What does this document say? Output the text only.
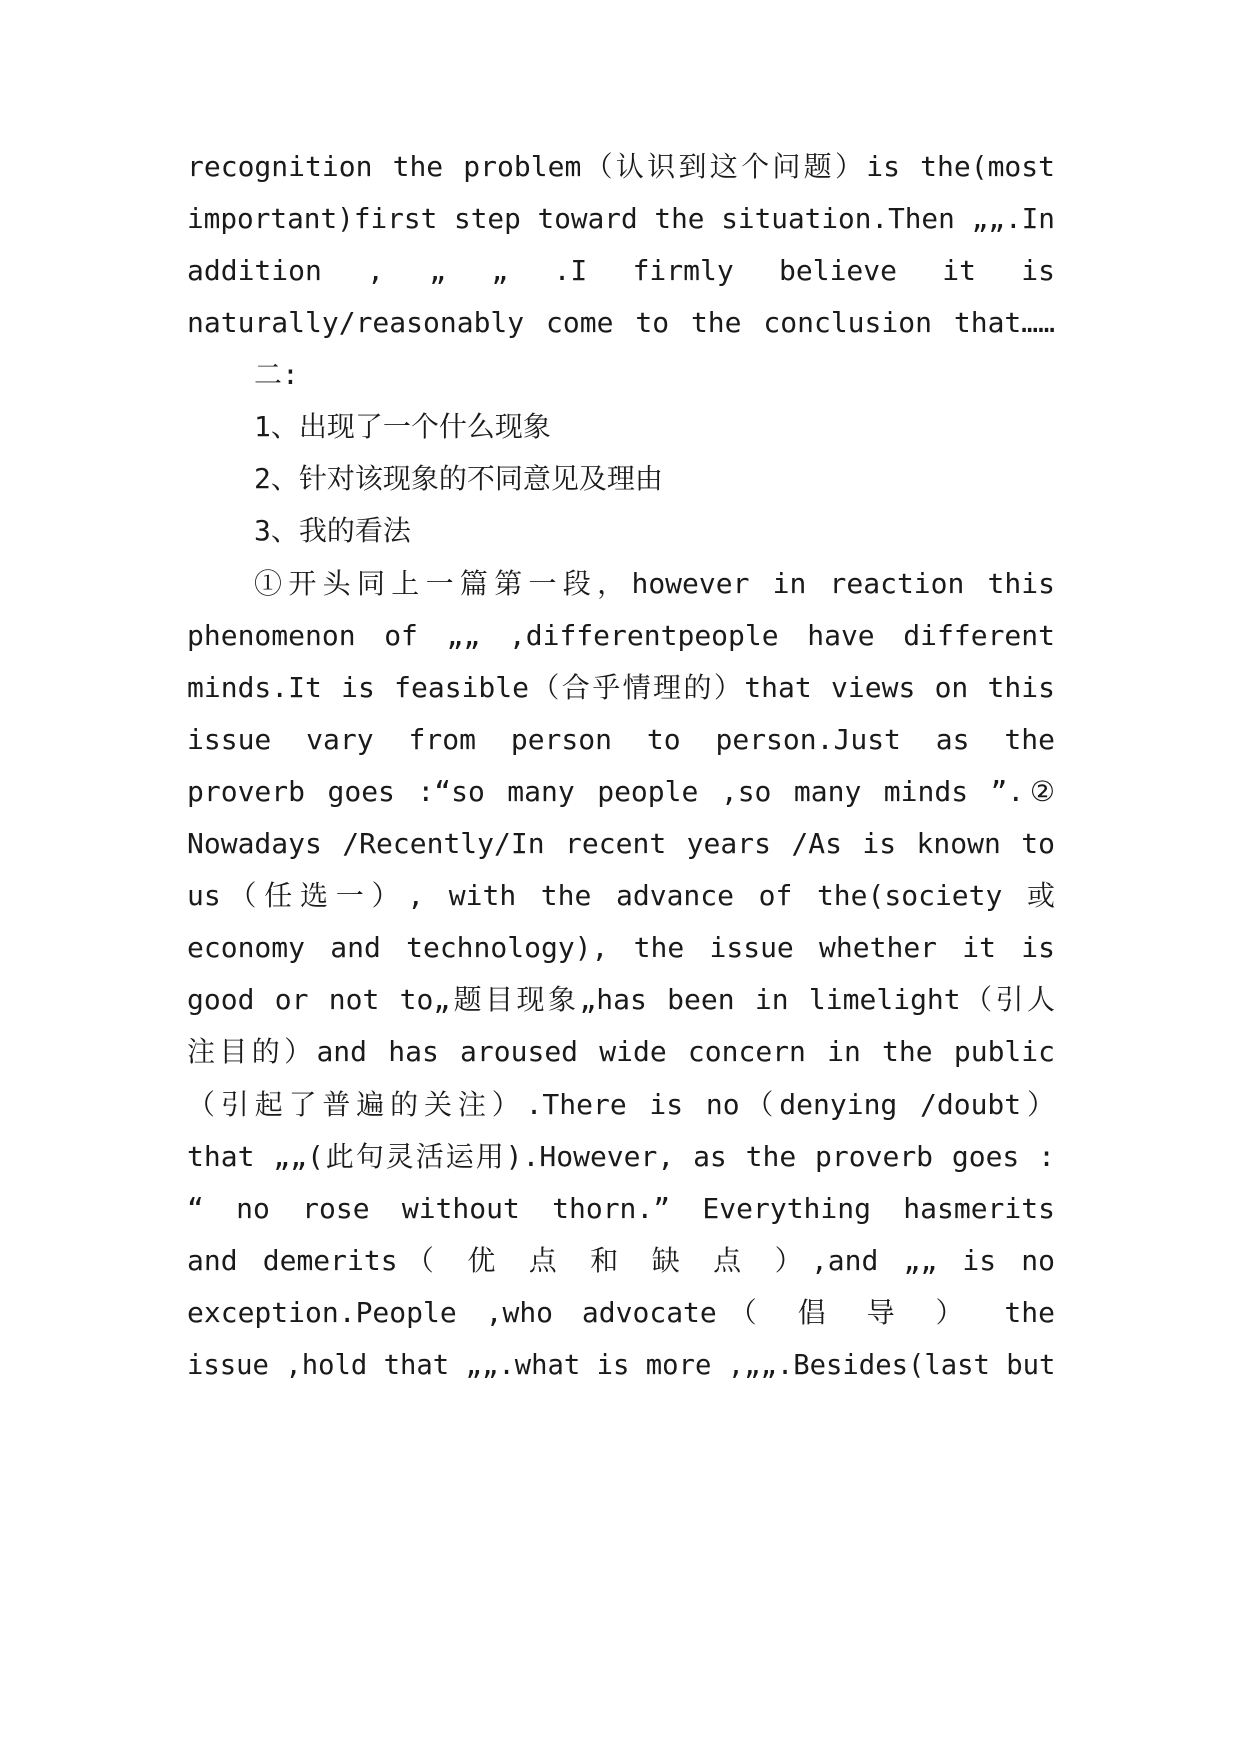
recognition the problem（认识到这个问题）is the(most
important)first step toward the situation.Then „„.In
addition , „ „ .I firmly believe it is
naturally/reasonably come to the conclusion that……
二:
1、出现了一个什么现象
2、针对该现象的不同意见及理由
3、我的看法
①开头同上一篇第一段，however in reaction this
phenomenon of „„ ,differentpeople have different
minds.It is feasible（合乎情理的）that views on this
issue vary from person to person.Just as the
proverb goes :“so many people ,so many minds ”.②
Nowadays /Recently/In recent years /As is known to
us（任选一）, with the advance of the(society 或
economy and technology), the issue whether it is
good or not to„题目现象„has been in limelight（引人
注目的）and has aroused wide concern in the public
（引起了普遍的关注）.There is no（denying /doubt）
that „„(此句灵活运用).However, as the proverb goes :
“ no rose without thorn.” Everything hasmerits
and demerits（ 优 点 和 缺 点 ）,and „„ is no
exception.People ,who advocate（ 倡 导 ） the
issue ,hold that „„.what is more ,„„.Besides(last but
